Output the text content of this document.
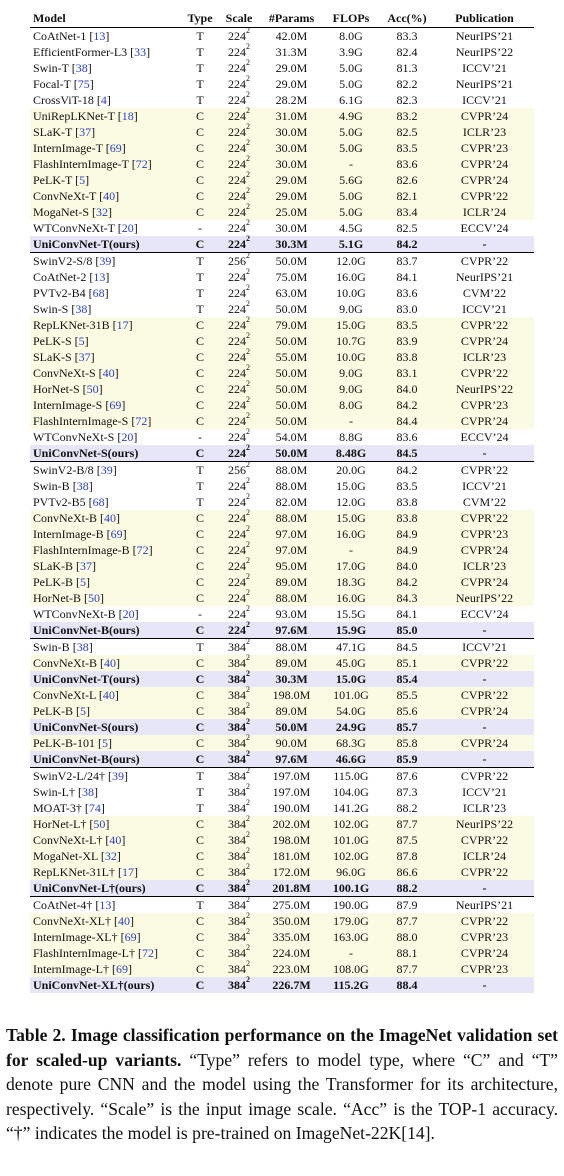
Model	Type	Scale	#Params	FLOPs	Acc(%)	Publication
CoAtNet-1 [13]	T	$224^2$	42.0M	8.0G	83.3	NeurIPS’21
EfficientFormer-L3 [33]	T	$224^2$	31.3M	3.9G	82.4	NeurIPS’22
Swin-T [38]	T	$224^2$	29.0M	5.0G	81.3	ICCV’21
Focal-T [75]	T	$224^2$	29.0M	5.0G	82.2	NeurIPS’21
CrossViT-18 [4]	T	$224^2$	28.2M	6.1G	82.3	ICCV’21
UniRepLKNet-T [18]	C	$224^2$	31.0M	4.9G	83.2	CVPR’24
SLaK-T [37]	C	$224^2$	30.0M	5.0G	82.5	ICLR’23
InternImage-T [69]	C	$224^2$	30.0M	5.0G	83.5	CVPR’23
FlashInternImage-T [72]	C	$224^2$	30.0M	-	83.6	CVPR’24
PeLK-T [5]	C	$224^2$	29.0M	5.6G	82.6	CVPR’24
ConvNeXt-T [40]	C	$224^2$	29.0M	5.0G	82.1	CVPR’22
MogaNet-S [32]	C	$224^2$	25.0M	5.0G	83.4	ICLR’24
WTConvNeXt-T [20]	-	$224^2$	30.0M	4.5G	82.5	ECCV’24
UniConvNet-T(ours)	C	$224^2$	30.3M	5.1G	84.2	-
SwinV2-S/8 [39]	T	$256^2$	50.0M	12.0G	83.7	CVPR’22
CoAtNet-2 [13]	T	$224^2$	75.0M	16.0G	84.1	NeurIPS’21
PVTv2-B4 [68]	T	$224^2$	63.0M	10.0G	83.6	CVM’22
Swin-S [38]	T	$224^2$	50.0M	9.0G	83.0	ICCV’21
RepLKNet-31B [17]	C	$224^2$	79.0M	15.0G	83.5	CVPR’22
PeLK-S [5]	C	$224^2$	50.0M	10.7G	83.9	CVPR’24
SLaK-S [37]	C	$224^2$	55.0M	10.0G	83.8	ICLR’23
ConvNeXt-S [40]	C	$224^2$	50.0M	9.0G	83.1	CVPR’22
HorNet-S [50]	C	$224^2$	50.0M	9.0G	84.0	NeurIPS’22
InternImage-S [69]	C	$224^2$	50.0M	8.0G	84.2	CVPR’23
FlashInternImage-S [72]	C	$224^2$	50.0M	-	84.4	CVPR’24
WTConvNeXt-S [20]	-	$224^2$	54.0M	8.8G	83.6	ECCV’24
UniConvNet-S(ours)	C	$224^2$	50.0M	8.48G	84.5	-
SwinV2-B/8 [39]	T	$256^2$	88.0M	20.0G	84.2	CVPR’22
Swin-B [38]	T	$224^2$	88.0M	15.0G	83.5	ICCV’21
PVTv2-B5 [68]	T	$224^2$	82.0M	12.0G	83.8	CVM’22
ConvNeXt-B [40]	C	$224^2$	88.0M	15.0G	83.8	CVPR’22
InternImage-B [69]	C	$224^2$	97.0M	16.0G	84.9	CVPR’23
FlashInternImage-B [72]	C	$224^2$	97.0M	-	84.9	CVPR’24
SLaK-B [37]	C	$224^2$	95.0M	17.0G	84.0	ICLR’23
PeLK-B [5]	C	$224^2$	89.0M	18.3G	84.2	CVPR’24
HorNet-B [50]	C	$224^2$	88.0M	16.0G	84.3	NeurIPS’22
WTConvNeXt-B [20]	-	$224^2$	93.0M	15.5G	84.1	ECCV’24
UniConvNet-B(ours)	C	$224^2$	97.6M	15.9G	85.0	-
Swin-B [38]	T	$384^2$	88.0M	47.1G	84.5	ICCV’21
ConvNeXt-B [40]	C	$384^2$	89.0M	45.0G	85.1	CVPR’22
UniConvNet-T(ours)	C	$384^2$	30.3M	15.0G	85.4	-
ConvNeXt-L [40]	C	$384^2$	198.0M	101.0G	85.5	CVPR’22
PeLK-B [5]	C	$384^2$	89.0M	54.0G	85.6	CVPR’24
UniConvNet-S(ours)	C	$384^2$	50.0M	24.9G	85.7	-
PeLK-B-101 [5]	C	$384^2$	90.0M	68.3G	85.8	CVPR’24
UniConvNet-B(ours)	C	$384^2$	97.6M	46.6G	85.9	-
SwinV2-L/24† [39]	T	$384^2$	197.0M	115.0G	87.6	CVPR’22
Swin-L† [38]	T	$384^2$	197.0M	104.0G	87.3	ICCV’21
MOAT-3† [74]	T	$384^2$	190.0M	141.2G	88.2	ICLR’23
HorNet-L† [50]	C	$384^2$	202.0M	102.0G	87.7	NeurIPS’22
ConvNeXt-L† [40]	C	$384^2$	198.0M	101.0G	87.5	CVPR’22
MogaNet-XL [32]	C	$384^2$	181.0M	102.0G	87.8	ICLR’24
RepLKNet-31L† [17]	C	$384^2$	172.0M	96.0G	86.6	CVPR’22
UniConvNet-L†(ours)	C	$384^2$	201.8M	100.1G	88.2	-
CoAtNet-4† [13]	T	$384^2$	275.0M	190.0G	87.9	NeurIPS’21
ConvNeXt-XL† [40]	C	$384^2$	350.0M	179.0G	87.7	CVPR’22
InternImage-XL† [69]	C	$384^2$	335.0M	163.0G	88.0	CVPR’23
FlashInternImage-L† [72]	C	$384^2$	224.0M	-	88.1	CVPR’24
InternImage-L† [69]	C	$384^2$	223.0M	108.0G	87.7	CVPR’23
UniConvNet-XL†(ours)	C	$384^2$	226.7M	115.2G	88.4	-
Table 2. Image classification performance on the ImageNet validation set for scaled-up variants. “Type” refers to model type, where “C” and “T” denote pure CNN and the model using the Transformer for its architecture, respectively. “Scale” is the input image scale. “Acc” is the TOP-1 accuracy. “†” indicates the model is pre-trained on ImageNet-22K[14].
